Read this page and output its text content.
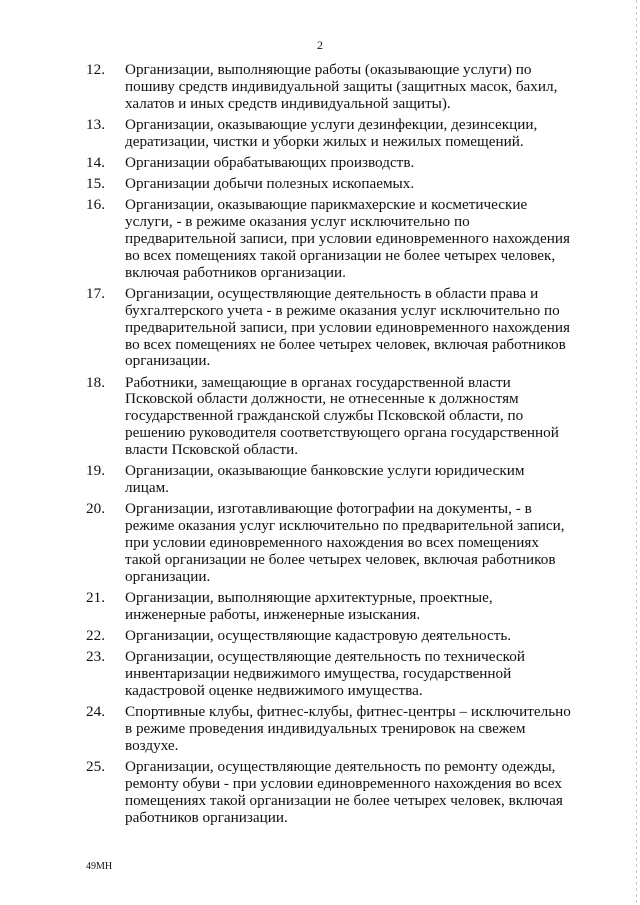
2
12.	Организации, выполняющие работы (оказывающие услуги) по
пошиву средств индивидуальной защиты (защитных масок, бахил,
халатов и иных средств индивидуальной защиты).
13.	Организации, оказывающие услуги дезинфекции, дезинсекции,
дератизации, чистки и уборки жилых и нежилых помещений.
14.	Организации обрабатывающих производств.
15.	Организации добычи полезных ископаемых.
16.	Организации, оказывающие парикмахерские и косметические
услуги, - в режиме оказания услуг исключительно по
предварительной записи, при условии единовременного нахождения
во всех помещениях такой организации не более четырех человек,
включая работников организации.
17.	Организации, осуществляющие деятельность в области права и
бухгалтерского учета - в режиме оказания услуг исключительно по
предварительной записи, при условии единовременного нахождения
во всех помещениях не более четырех человек, включая работников
организации.
18.	Работники, замещающие в органах государственной власти
Псковской области должности, не отнесенные к должностям
государственной гражданской службы Псковской области, по
решению руководителя соответствующего органа государственной
власти Псковской области.
19.	Организации, оказывающие банковские услуги юридическим
лицам.
20.	Организации, изготавливающие фотографии на документы, - в
режиме оказания услуг исключительно по предварительной записи,
при условии единовременного нахождения во всех помещениях
такой организации не более четырех человек, включая работников
организации.
21.	Организации, выполняющие архитектурные, проектные,
инженерные работы, инженерные изыскания.
22.	Организации, осуществляющие кадастровую деятельность.
23.	Организации, осуществляющие деятельность по технической
инвентаризации недвижимого имущества, государственной
кадастровой оценке недвижимого имущества.
24.	Спортивные клубы, фитнес-клубы, фитнес-центры – исключительно
в режиме проведения индивидуальных тренировок на свежем
воздухе.
25.	Организации, осуществляющие деятельность по ремонту одежды,
ремонту обуви - при условии единовременного нахождения во всех
помещениях такой организации не более четырех человек, включая
работников организации.
49МН
